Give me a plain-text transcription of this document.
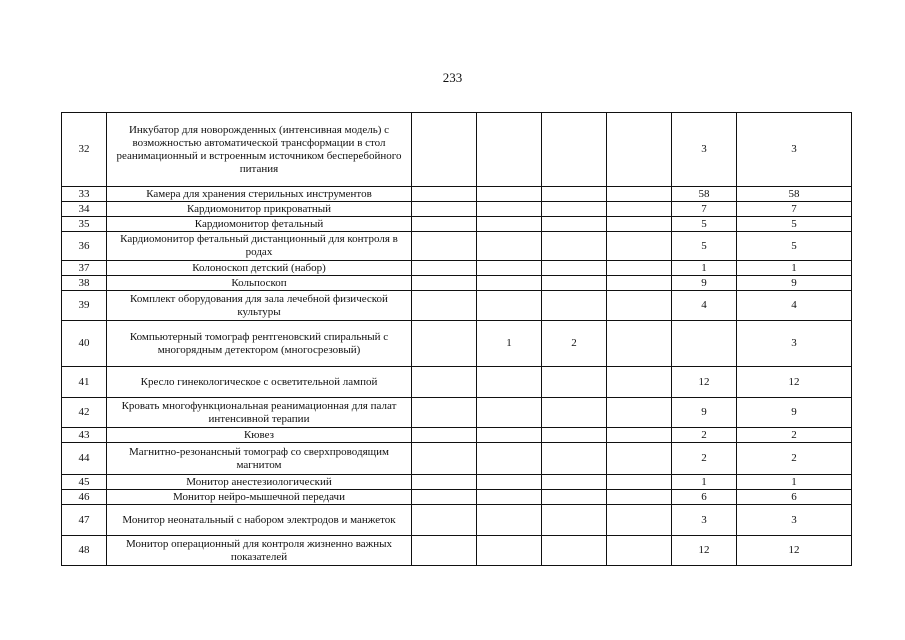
233
32	Инкубатор для новорожденных (интенсивная модель) с возможностью автоматической трансформации в стол реанимационный и встроенным источником бесперебойного питания					3	3
33	Камера для хранения стерильных инструментов					58	58
34	Кардиомонитор прикроватный					7	7
35	Кардиомонитор фетальный					5	5
36	Кардиомонитор фетальный дистанционный для контроля в родах					5	5
37	Колоноскоп детский (набор)					1	1
38	Кольпоскоп					9	9
39	Комплект оборудования для зала лечебной физической культуры					4	4
40	Компьютерный томограф рентгеновский спиральный с многорядным детектором (многосрезовый)		1	2			3
41	Кресло гинекологическое с осветительной лампой					12	12
42	Кровать многофункциональная реанимационная для палат интенсивной терапии					9	9
43	Кювез					2	2
44	Магнитно-резонансный томограф со сверхпроводящим магнитом					2	2
45	Монитор анестезиологический					1	1
46	Монитор нейро-мышечной передачи					6	6
47	Монитор неонатальный с набором электродов и манжеток					3	3
48	Монитор операционный для контроля жизненно важных показателей					12	12
